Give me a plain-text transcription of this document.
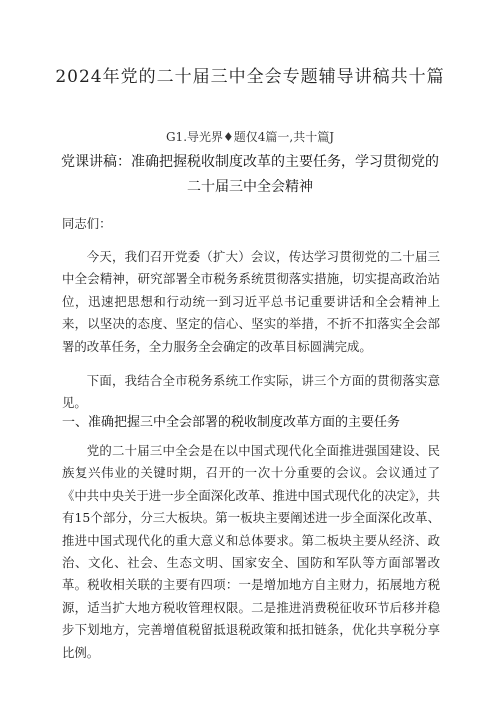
2024年党的二十届三中全会专题辅导讲稿共十篇
G1.导光界♦题仅4篇一,共十篇J
党课讲稿：准确把握税收制度改革的主要任务，学习贯彻党的二十届三中全会精神
同志们：

今天，我们召开党委（扩大）会议，传达学习贯彻党的二十届三中全会精神，研究部署全市税务系统贯彻落实措施，切实提高政治站位，迅速把思想和行动统一到习近平总书记重要讲话和全会精神上来，以坚决的态度、坚定的信心、坚实的举措，不折不扣落实全会部署的改革任务，全力服务全会确定的改革目标圆满完成。

下面，我结合全市税务系统工作实际，讲三个方面的贯彻落实意见。

一、准确把握三中全会部署的税收制度改革方面的主要任务

党的二十届三中全会是在以中国式现代化全面推进强国建设、民族复兴伟业的关键时期，召开的一次十分重要的会议。会议通过了《中共中央关于进一步全面深化改革、推进中国式现代化的决定》，共有15个部分，分三大板块。第一板块主要阐述进一步全面深化改革、推进中国式现代化的重大意义和总体要求。第二板块主要从经济、政治、文化、社会、生态文明、国家安全、国防和军队等方面部署改革。税收相关联的主要有四项：一是增加地方自主财力，拓展地方税源，适当扩大地方税收管理权限。二是推进消费税征收环节后移并稳步下划地方，完善增值税留抵退税政策和抵扣链条，优化共享税分享比例。
